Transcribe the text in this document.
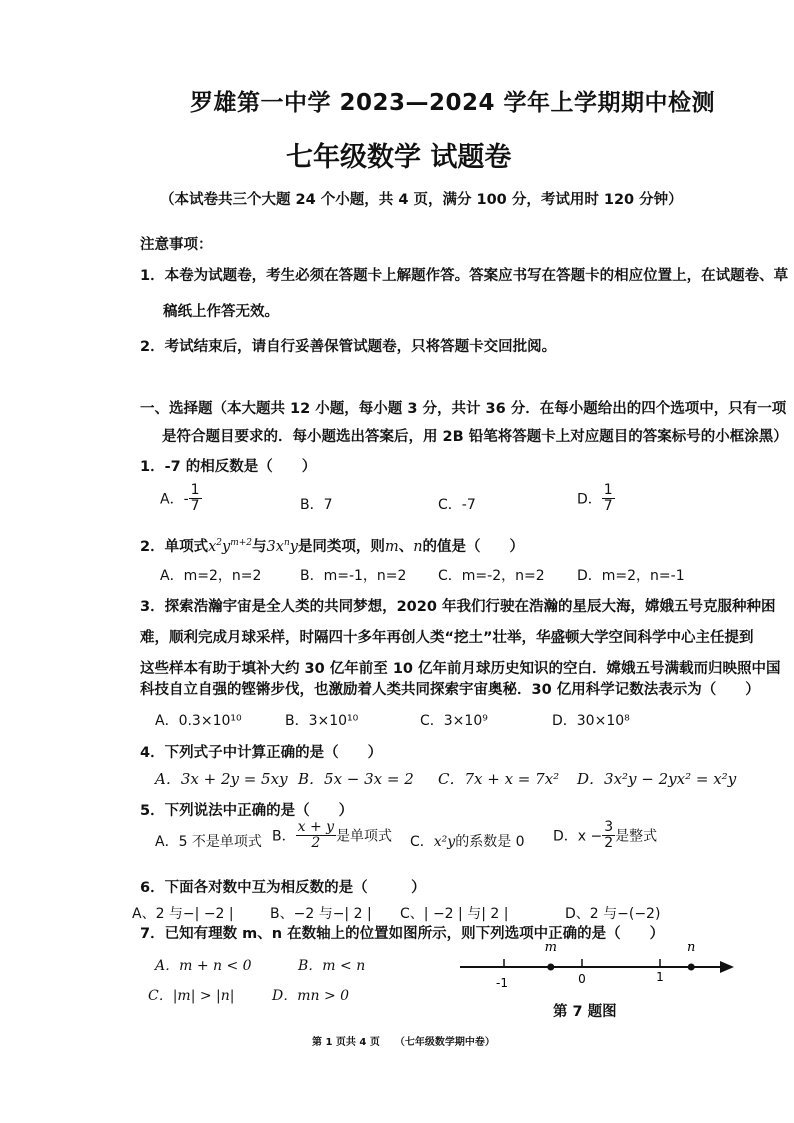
罗雄第一中学 2023—2024 学年上学期期中检测
七年级数学 试题卷
（本试卷共三个大题 24 个小题，共 4 页，满分 100 分，考试用时 120 分钟）
注意事项：
1．本卷为试题卷，考生必须在答题卡上解题作答。答案应书写在答题卡的相应位置上，在试题卷、草
稿纸上作答无效。
2．考试结束后，请自行妥善保管试题卷，只将答题卡交回批阅。
一、选择题（本大题共 12 小题，每小题 3 分，共计 36 分．在每小题给出的四个选项中，只有一项
是符合题目要求的．每小题选出答案后，用 2B 铅笔将答题卡上对应题目的答案标号的小框涂黑）
1．-7 的相反数是（　　）
A．- $\frac{1}{7}$	B．7	C．-7	D． $\frac{1}{7}$
2．单项式$x^2y^{m+2}$与$3x^ny$是同类项，则m、n的值是（　　）
A．m=2，n=2	B．m=-1，n=2 C．m=-2，n=2 D．m=2，n=-1
3．探索浩瀚宇宙是全人类的共同梦想，2020 年我们行驶在浩瀚的星辰大海，嫦娥五号克服种种困
难，顺利完成月球采样，时隔四十多年再创人类“挖土”壮举，华盛顿大学空间科学中心主任提到
这些样本有助于填补大约 30 亿年前至 10 亿年前月球历史知识的空白．嫦娥五号满载而归映照中国
科技自立自强的铿锵步伐，也激励着人类共同探索宇宙奥秘．30 亿用科学记数法表示为（　　）
A．0.3×10¹⁰	B．3×10¹⁰	C．3×10⁹	D．30×10⁸
4．下列式子中计算正确的是（　　）
A．3x + 2y = 5xy B．5x − 3x = 2 C．7x + x = 7x² D．3x²y − 2yx² = x²y
5．下列说法中正确的是（　　）
A．5 不是单项式 B． $\frac{x + y}{2}$ 是单项式 C．x²y的系数是 0 D．$x - \frac{3}{2}$ 是整式
6．下面各对数中互为相反数的是（　　　）
A、2 与−| −2 |	B、−2 与−| 2 | C、| −2 | 与| 2 |	D、2 与−(−2)
7．已知有理数 m、n 在数轴上的位置如图所示，则下列选项中正确的是（　　）
A．m + n < 0	B．m < n
C．|m| > |n|	D．mn > 0
m	n
-1	0	1
第 7 题图
第 1 页共 4 页　　（七年级数学期中卷）
